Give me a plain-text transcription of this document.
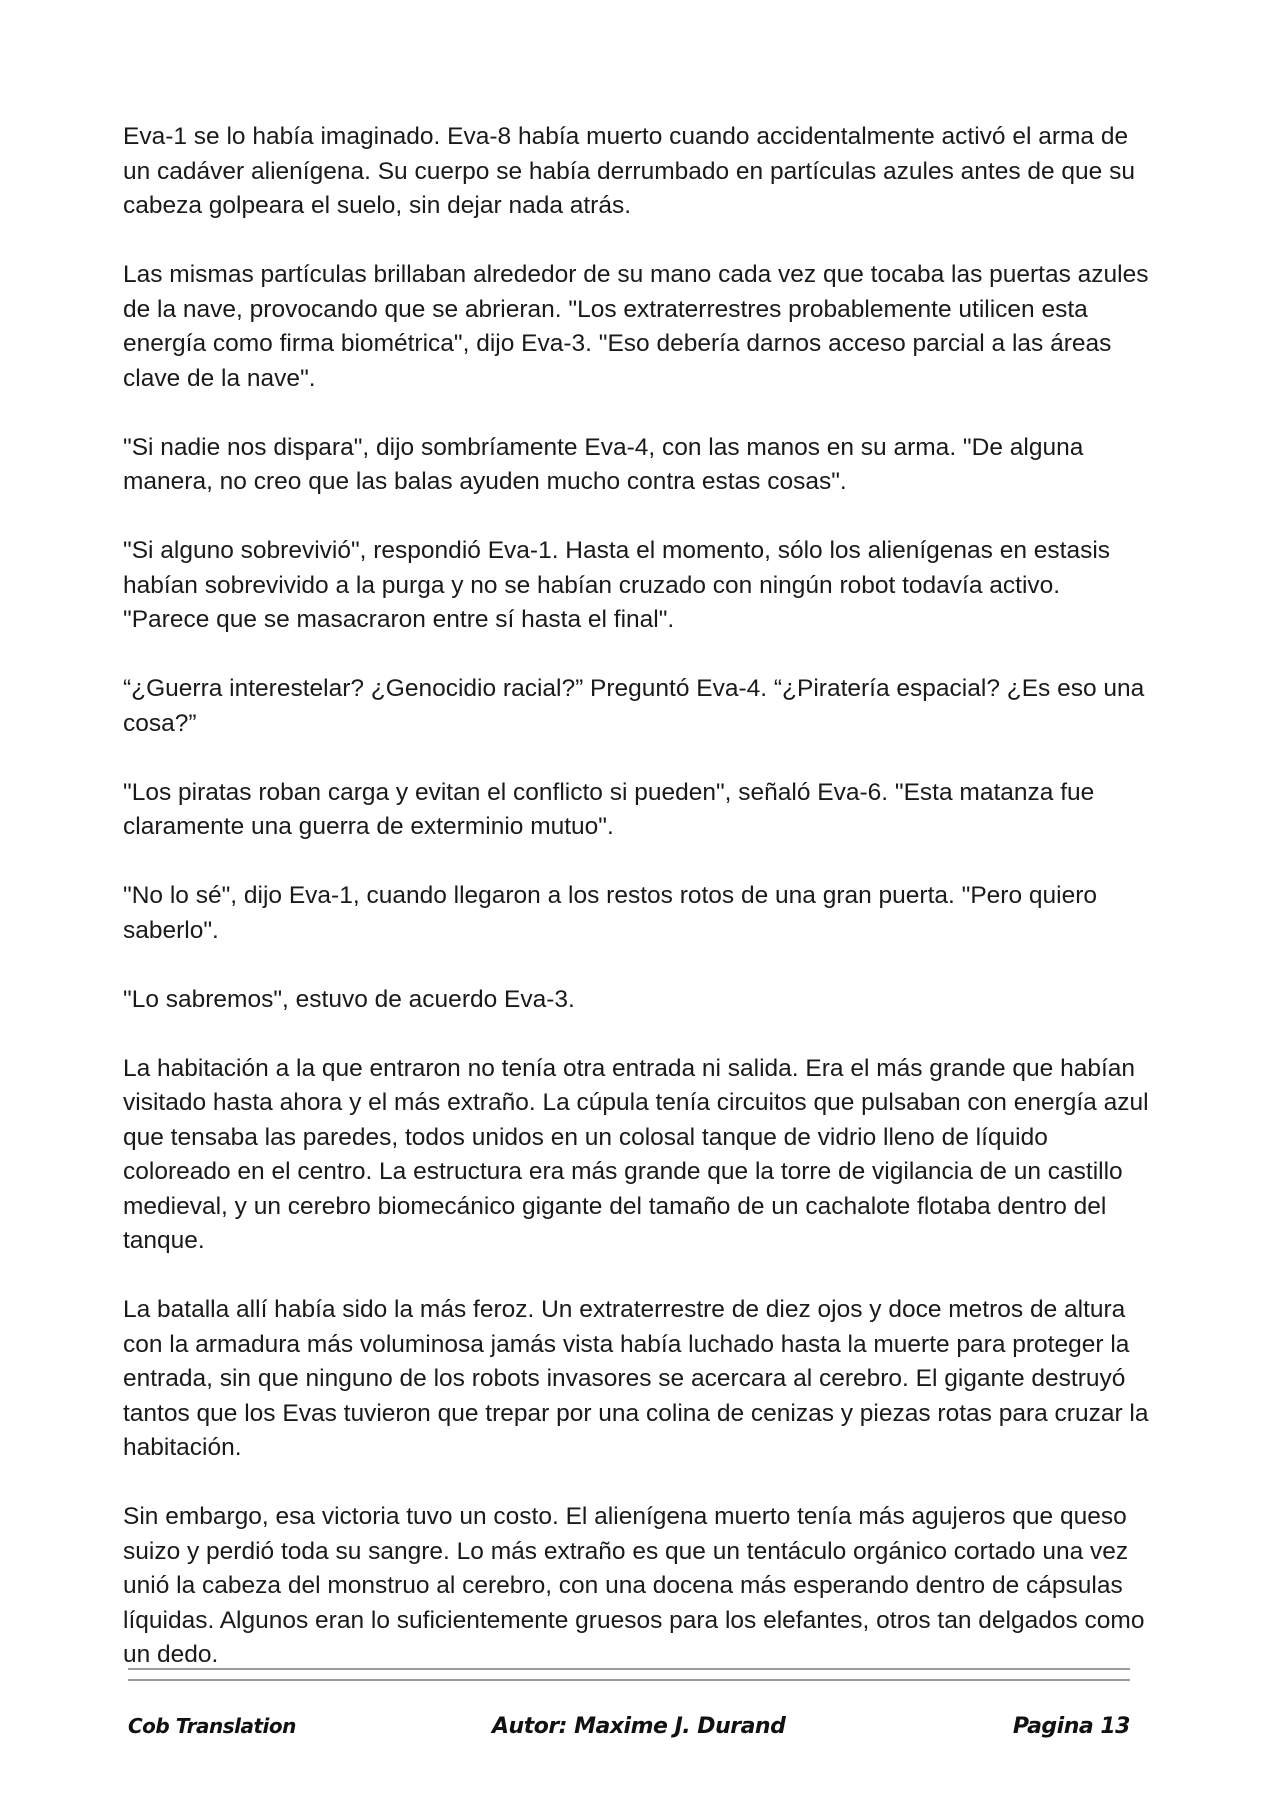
Eva-1 se lo había imaginado. Eva-8 había muerto cuando accidentalmente activó el arma de un cadáver alienígena. Su cuerpo se había derrumbado en partículas azules antes de que su cabeza golpeara el suelo, sin dejar nada atrás.

Las mismas partículas brillaban alrededor de su mano cada vez que tocaba las puertas azules de la nave, provocando que se abrieran. "Los extraterrestres probablemente utilicen esta energía como firma biométrica", dijo Eva-3. "Eso debería darnos acceso parcial a las áreas clave de la nave".

"Si nadie nos dispara", dijo sombríamente Eva-4, con las manos en su arma. "De alguna manera, no creo que las balas ayuden mucho contra estas cosas".

"Si alguno sobrevivió", respondió Eva-1. Hasta el momento, sólo los alienígenas en estasis habían sobrevivido a la purga y no se habían cruzado con ningún robot todavía activo. "Parece que se masacraron entre sí hasta el final".

“¿Guerra interestelar? ¿Genocidio racial?” Preguntó Eva-4. “¿Piratería espacial? ¿Es eso una cosa?”

"Los piratas roban carga y evitan el conflicto si pueden", señaló Eva-6. "Esta matanza fue claramente una guerra de exterminio mutuo".

"No lo sé", dijo Eva-1, cuando llegaron a los restos rotos de una gran puerta. "Pero quiero saberlo".

"Lo sabremos", estuvo de acuerdo Eva-3.

La habitación a la que entraron no tenía otra entrada ni salida. Era el más grande que habían visitado hasta ahora y el más extraño. La cúpula tenía circuitos que pulsaban con energía azul que tensaba las paredes, todos unidos en un colosal tanque de vidrio lleno de líquido coloreado en el centro. La estructura era más grande que la torre de vigilancia de un castillo medieval, y un cerebro biomecánico gigante del tamaño de un cachalote flotaba dentro del tanque.

La batalla allí había sido la más feroz. Un extraterrestre de diez ojos y doce metros de altura con la armadura más voluminosa jamás vista había luchado hasta la muerte para proteger la entrada, sin que ninguno de los robots invasores se acercara al cerebro. El gigante destruyó tantos que los Evas tuvieron que trepar por una colina de cenizas y piezas rotas para cruzar la habitación.

Sin embargo, esa victoria tuvo un costo. El alienígena muerto tenía más agujeros que queso suizo y perdió toda su sangre. Lo más extraño es que un tentáculo orgánico cortado una vez unió la cabeza del monstruo al cerebro, con una docena más esperando dentro de cápsulas líquidas. Algunos eran lo suficientemente gruesos para los elefantes, otros tan delgados como un dedo.

Cob Translation	Autor: Maxime J. Durand	Pagina 13
